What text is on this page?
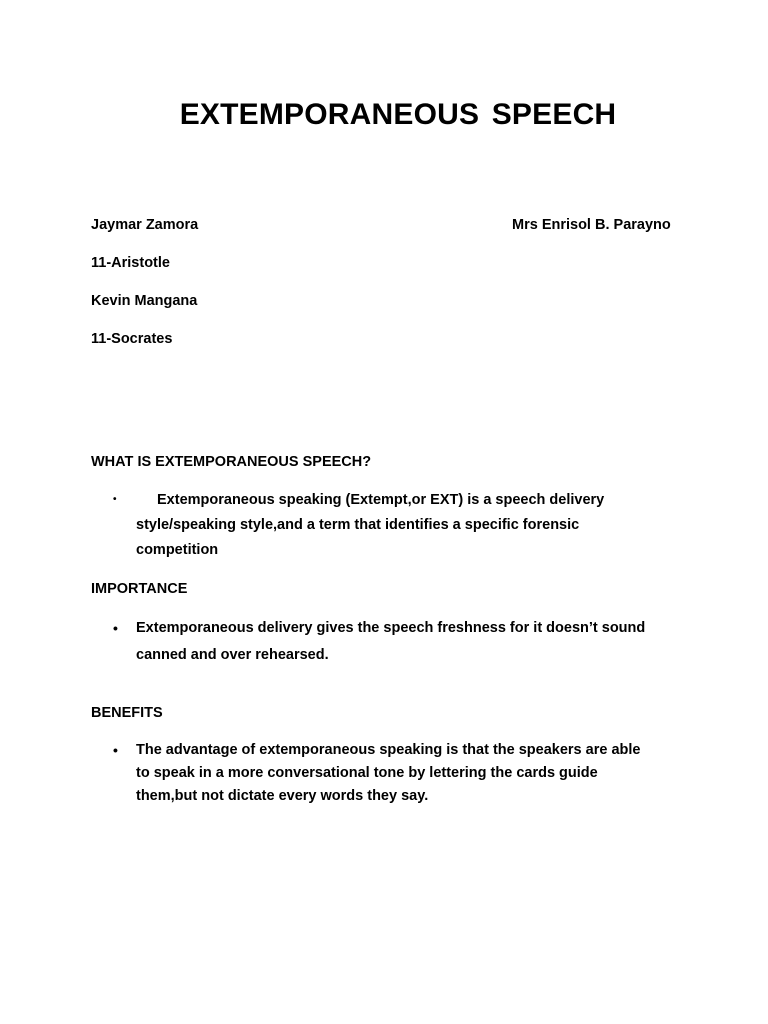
EXTEMPORANEOUS SPEECH

Jaymar Zamora	Mrs Enrisol B. Parayno

11-Aristotle

Kevin Mangana

11-Socrates

WHAT IS EXTEMPORANEOUS SPEECH?

•	Extemporaneous speaking (Extempt,or EXT) is a speech delivery
style/speaking style,and a term that identifies a specific forensic
competition

IMPORTANCE

• Extemporaneous delivery gives the speech freshness for it doesn’t sound
canned and over rehearsed.

BENEFITS

• The advantage of extemporaneous speaking is that the speakers are able
to speak in a more conversational tone by lettering the cards guide
them,but not dictate every words they say.
